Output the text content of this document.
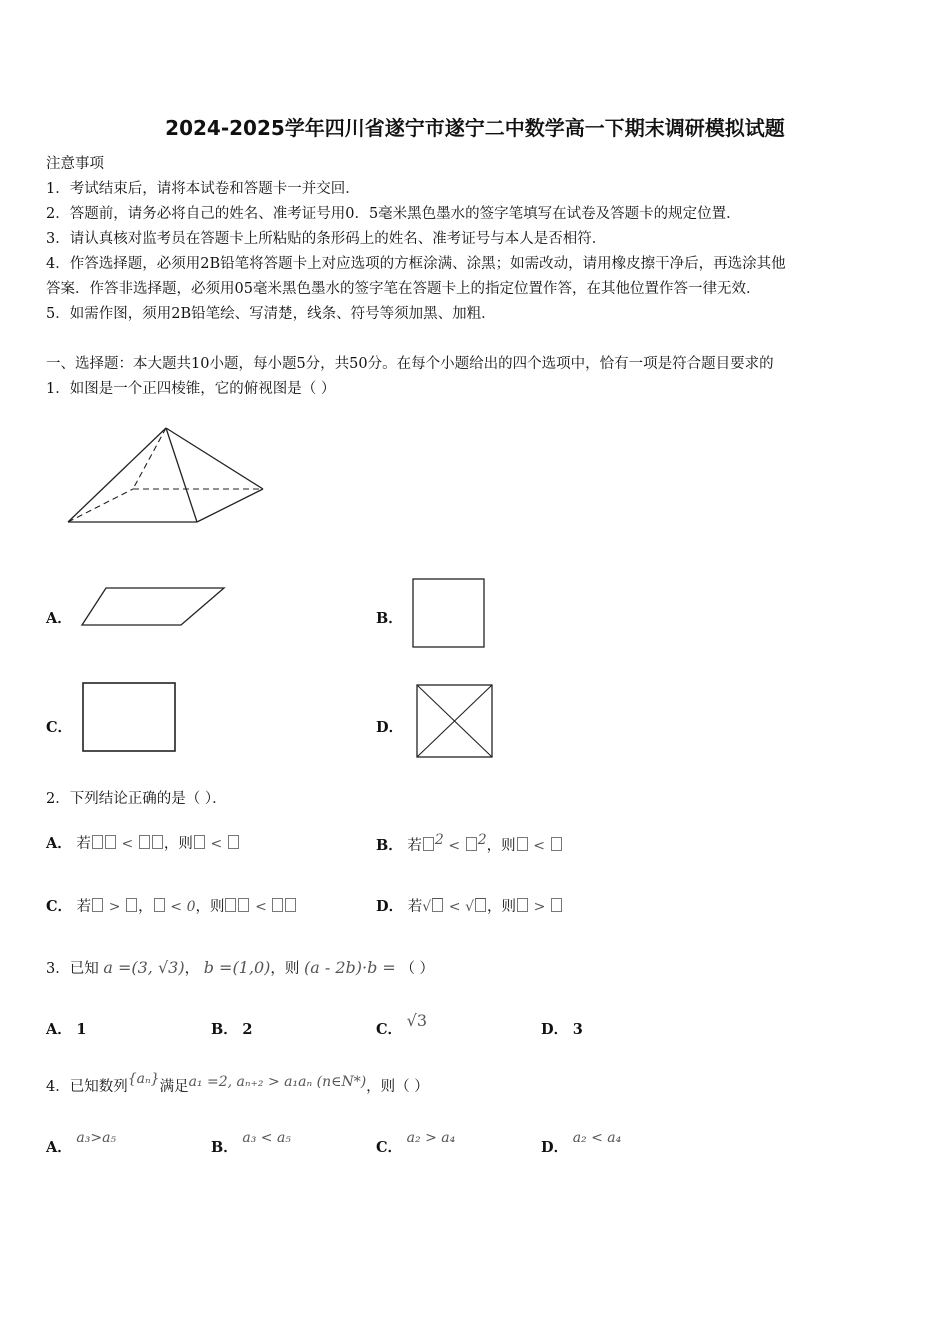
2024-2025学年四川省遂宁市遂宁二中数学高一下期末调研模拟试题
注意事项
1．考试结束后，请将本试卷和答题卡一并交回．
2．答题前，请务必将自己的姓名、准考证号用0．5毫米黑色墨水的签字笔填写在试卷及答题卡的规定位置．
3．请认真核对监考员在答题卡上所粘贴的条形码上的姓名、准考证号与本人是否相符．
4．作答选择题，必须用2B铅笔将答题卡上对应选项的方框涂满、涂黑；如需改动，请用橡皮擦干净后，再选涂其他
答案．作答非选择题，必须用05毫米黑色墨水的签字笔在答题卡上的指定位置作答，在其他位置作答一律无效．
5．如需作图，须用2B铅笔绘、写清楚，线条、符号等须加黑、加粗．
一、选择题：本大题共10小题，每小题5分，共50分。在每个小题给出的四个选项中，恰有一项是符合题目要求的
1．如图是一个正四棱锥，它的俯视图是（ ）
A．	B．
C．	D．
2．下列结论正确的是（ ）．
A． 若 < ，则 <	B． 若 $^2$ < $^2$，则 <
C． 若 > ， < 0，则 <	D． 若√ < √ ，则 >
3．已知 a =(3, √3)， b =(1,0)，则 (a - 2b)·b = （ ）
A． 1	B． 2	C． √3	D． 3
4．已知数列{aₙ}满足a₁ =2, aₙ₊₂ > a₁aₙ (n∈N*)，则（ ）
A． a₃>a₅
B． a₃ < a₅
C． a₂ > a₄
D． a₂ < a₄
